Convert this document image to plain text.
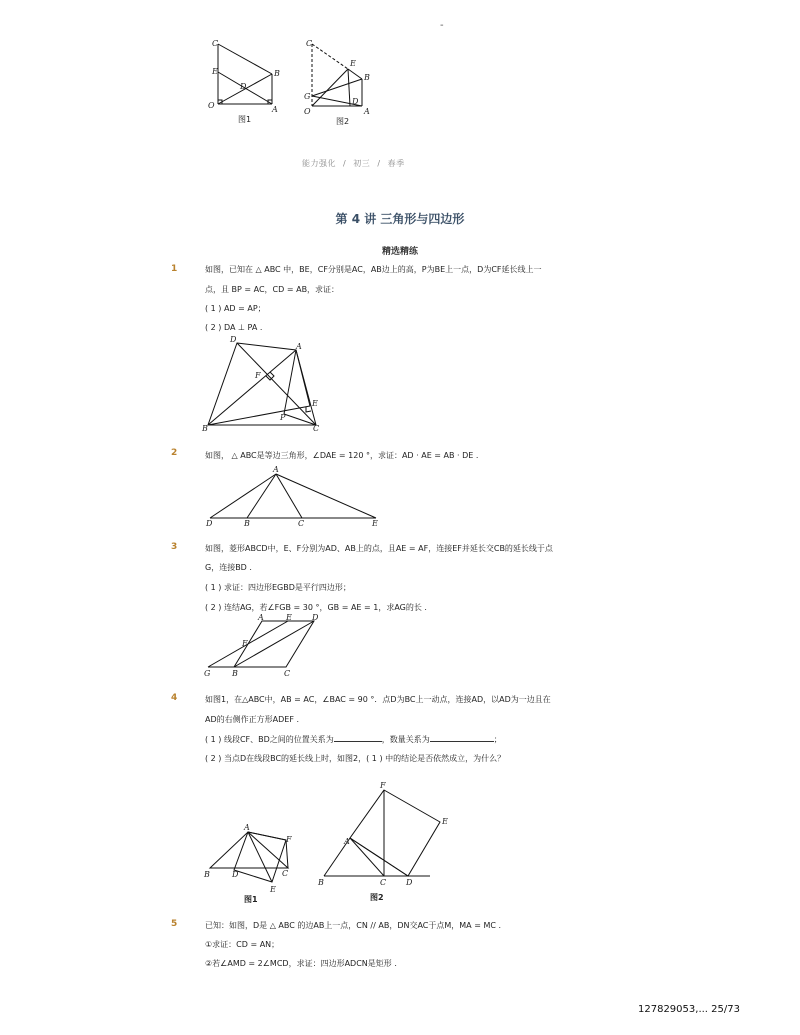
-
C
E
D
B
O	A
图1
C
E
B
G
O
D
A
图2
能力强化 / 初三 / 春季
第 4 讲 三角形与四边形
精选精练
1	如图，已知在 △ ABC 中，BE，CF分别是AC，AB边上的高，P为BE上一点，D为CF延长线上一
点，且 BP = AC，CD = AB，求证：
( 1 ) AD = AP；
( 2 ) DA ⊥ PA .
D
A
F
E
P
B	C
2	如图， △ ABC是等边三角形，∠DAE = 120 °，求证：AD · AE = AB · DE .
A
D	B	C	E
3	如图，菱形ABCD中，E、F分别为AD、AB上的点，且AE = AF，连接EF并延长交CB的延长线于点
G，连接BD .
( 1 ) 求证：四边形EGBD是平行四边形；
( 2 ) 连结AG，若∠FGB = 30 °，GB = AE = 1，求AG的长 .
A	E	D
F
G	B	C
4	如图1，在△ABC中，AB = AC，∠BAC = 90 °．点D为BC上一动点，连接AD，以AD为一边且在
AD的右侧作正方形ADEF .
( 1 ) 线段CF、BD之间的位置关系为	，数量关系为	；
( 2 ) 当点D在线段BC的延长线上时，如图2，( 1 ) 中的结论是否依然成立，为什么？
A
F
B	D	C
E
图1
F
E
A
B	C D
图2
5	已知：如图，D是 △ ABC 的边AB上一点，CN // AB，DN交AC于点M，MA = MC .
①求证：CD = AN；
②若∠AMD = 2∠MCD，求证：四边形ADCN是矩形 .
127829053,... 25/73
